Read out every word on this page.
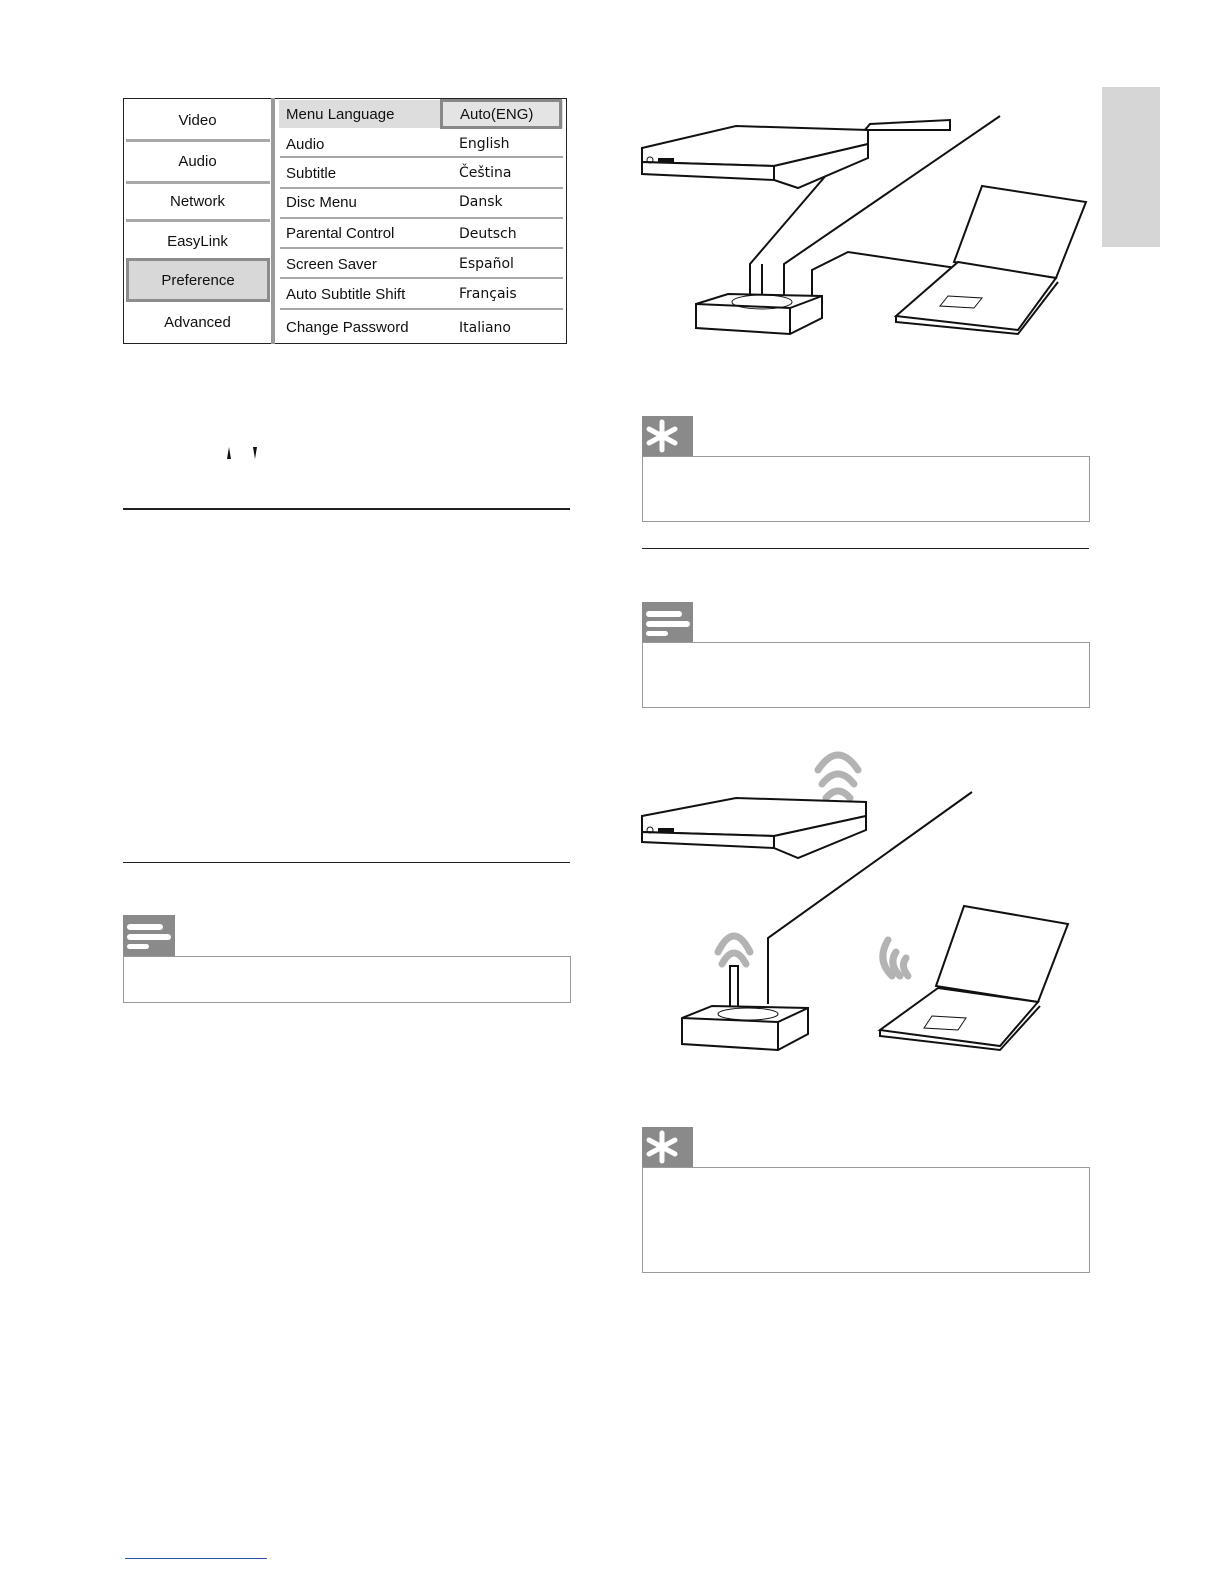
Video
Audio
Network
EasyLink
Preference
Advanced
Menu Language	Auto(ENG)
Audio	English
Subtitle	Čeština
Disc Menu	Dansk
Parental Control	Deutsch
Screen Saver	Español
Auto Subtitle Shift	Français
Change Password	Italiano
